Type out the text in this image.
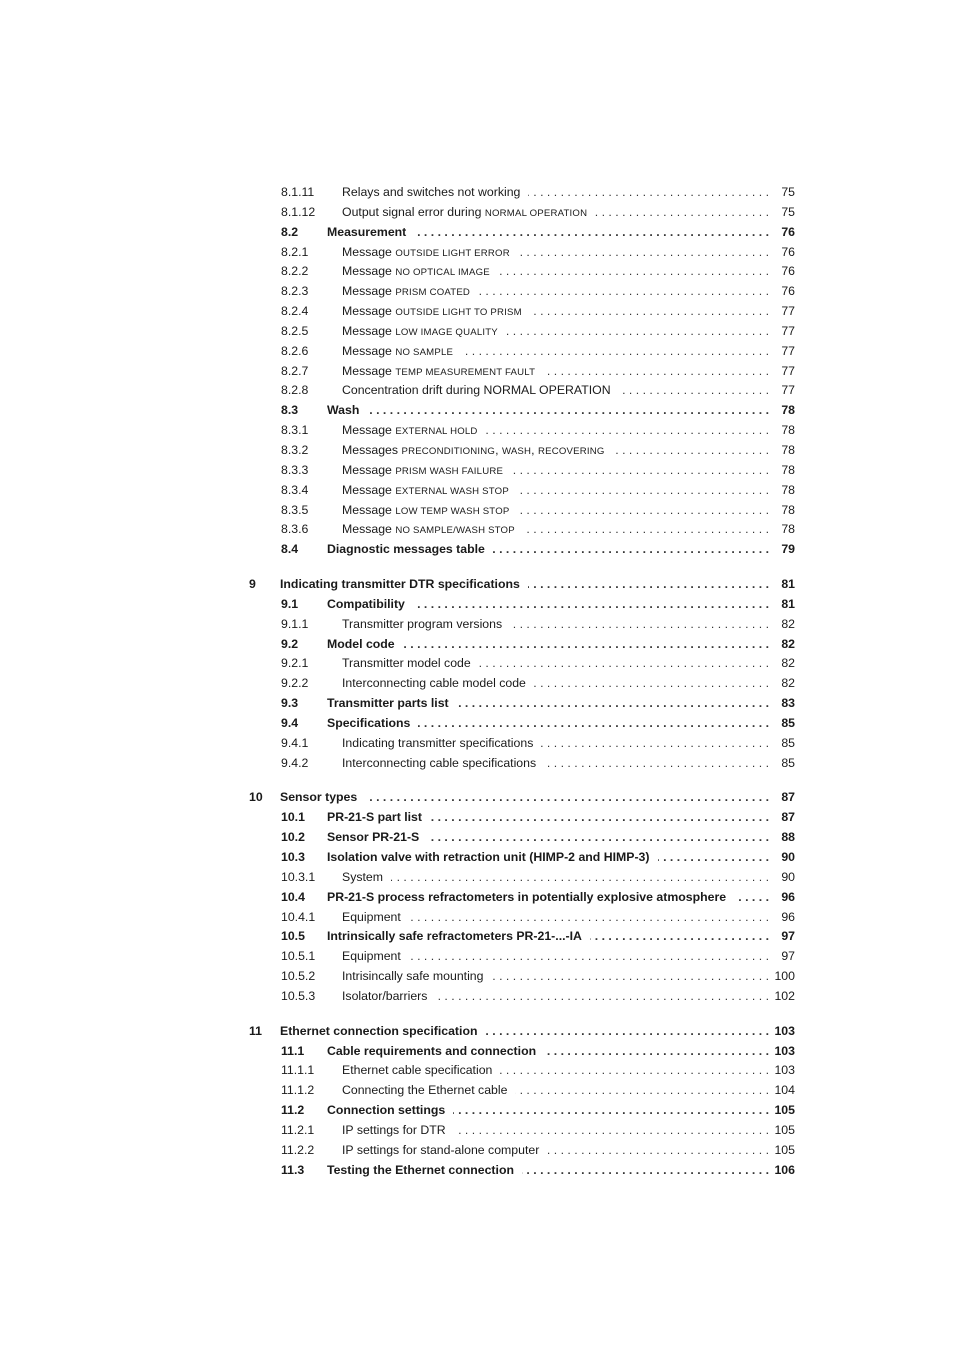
8.1.11 Relays and switches not working . . .	75
8.1.12 Output signal error during NORMAL OPERATION . . .	75
8.2 Measurement . . .	76
8.2.1	Message OUTSIDE LIGHT ERROR . . .	76
8.2.2	Message NO OPTICAL IMAGE . . .	76
8.2.3	Message PRISM COATED . . .	76
8.2.4	Message OUTSIDE LIGHT TO PRISM . . .	77
8.2.5	Message LOW IMAGE QUALITY . . .	77
8.2.6	Message NO SAMPLE . . .	77
8.2.7	Message TEMP MEASUREMENT FAULT . . .	77
8.2.8	Concentration drift during NORMAL OPERATION . . .	77
8.3 Wash . . .	78
8.3.1	Message EXTERNAL HOLD . . .	78
8.3.2	Messages PRECONDITIONING, WASH, RECOVERING . . .	78
8.3.3	Message PRISM WASH FAILURE . . .	78
8.3.4	Message EXTERNAL WASH STOP . . .	78
8.3.5	Message LOW TEMP WASH STOP . . .	78
8.3.6	Message NO SAMPLE/WASH STOP . . .	78
8.4 Diagnostic messages table . . .	79
9 Indicating transmitter DTR specifications . . .	81
9.1 Compatibility . . .	81
9.1.1	Transmitter program versions . . .	82
9.2 Model code . . .	82
9.2.1	Transmitter model code . . .	82
9.2.2	Interconnecting cable model code . . .	82
9.3 Transmitter parts list . . .	83
9.4 Specifications . . .	85
9.4.1	Indicating transmitter specifications . . .	85
9.4.2	Interconnecting cable specifications . . .	85
10 Sensor types . . .	87
10.1 PR-21-S part list . . .	87
10.2 Sensor PR-21-S . . .	88
10.3 Isolation valve with retraction unit (HIMP-2 and HIMP-3) . . .	90
10.3.1 System . . .	90
10.4 PR-21-S process refractometers in potentially explosive atmosphere . . .	96
10.4.1 Equipment . . .	96
10.5 Intrinsically safe refractometers PR-21-...-IA . . .	97
10.5.1 Equipment . . .	97
10.5.2 Intrisincally safe mounting . . .	100
10.5.3 Isolator/barriers . . .	102
11 Ethernet connection specification . . .	103
11.1 Cable requirements and connection . . .	103
11.1.1 Ethernet cable specification . . .	103
11.1.2 Connecting the Ethernet cable . . .	104
11.2 Connection settings . . .	105
11.2.1 IP settings for DTR . . .	105
11.2.2 IP settings for stand-alone computer . . .	105
11.3 Testing the Ethernet connection . . .	106
